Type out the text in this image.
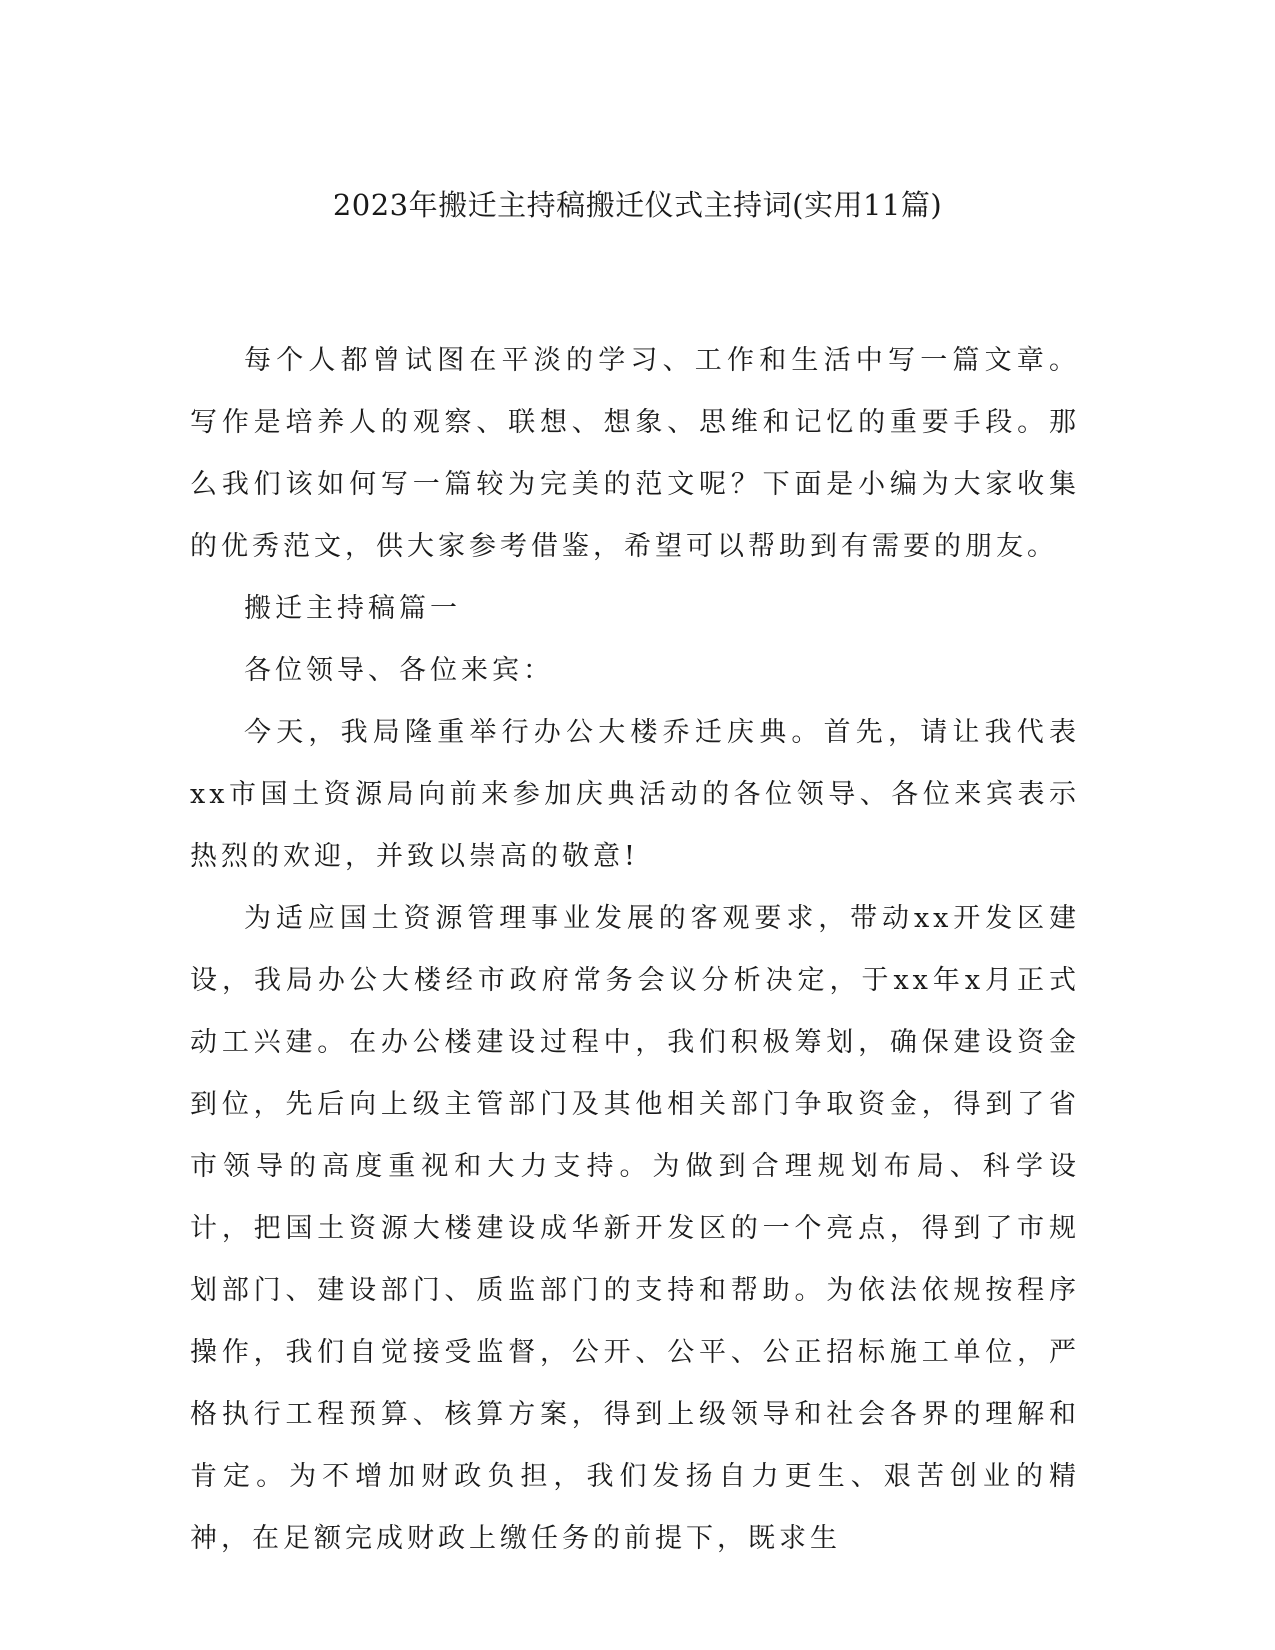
2023年搬迁主持稿搬迁仪式主持词(实用11篇)

每个人都曾试图在平淡的学习、工作和生活中写一篇文章。写作是培养人的观察、联想、想象、思维和记忆的重要手段。那么我们该如何写一篇较为完美的范文呢？下面是小编为大家收集的优秀范文，供大家参考借鉴，希望可以帮助到有需要的朋友。

搬迁主持稿篇一

各位领导、各位来宾：

今天，我局隆重举行办公大楼乔迁庆典。首先，请让我代表xx市国土资源局向前来参加庆典活动的各位领导、各位来宾表示热烈的欢迎，并致以崇高的敬意!

为适应国土资源管理事业发展的客观要求，带动xx开发区建设，我局办公大楼经市政府常务会议分析决定，于xx年x月正式动工兴建。在办公楼建设过程中，我们积极筹划，确保建设资金到位，先后向上级主管部门及其他相关部门争取资金，得到了省市领导的高度重视和大力支持。为做到合理规划布局、科学设计，把国土资源大楼建设成华新开发区的一个亮点，得到了市规划部门、建设部门、质监部门的支持和帮助。为依法依规按程序操作，我们自觉接受监督，公开、公平、公正招标施工单位，严格执行工程预算、核算方案，得到上级领导和社会各界的理解和肯定。为不增加财政负担，我们发扬自力更生、艰苦创业的精神，在足额完成财政上缴任务的前提下，既求生
